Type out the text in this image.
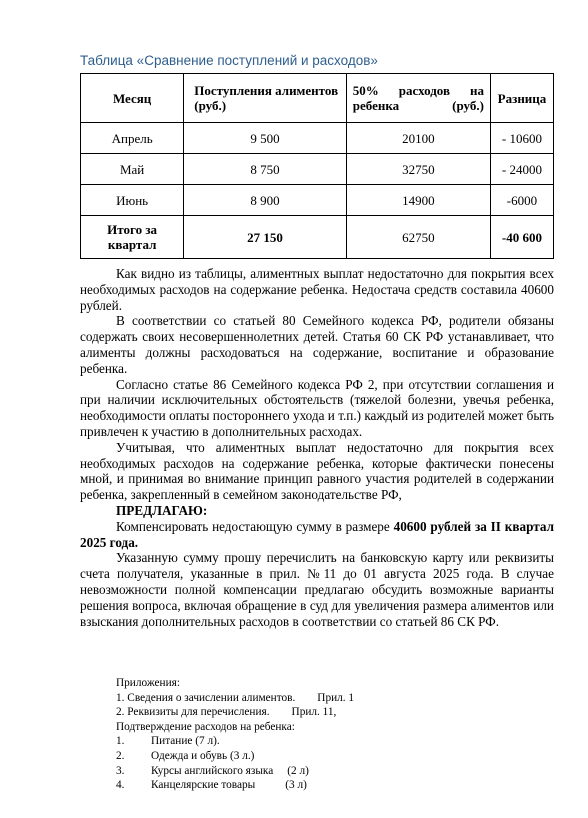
Таблица «Сравнение поступлений и расходов»
Месяц	Поступления алиментов (руб.)	50% расходов на ребенка (руб.)	Разница
Апрель	9 500	20100	- 10600
Май	8 750	32750	- 24000
Июнь	8 900	14900	-6000
Итого за квартал	27 150	62750	-40 600

Как видно из таблицы, алиментных выплат недостаточно для покрытия всех необходимых расходов на содержание ребенка. Недостача средств составила 40600 рублей.

В соответствии со статьей 80 Семейного кодекса РФ, родители обязаны содержать своих несовершеннолетних детей. Статья 60 СК РФ устанавливает, что алименты должны расходоваться на содержание, воспитание и образование ребенка.

Согласно статье 86 Семейного кодекса РФ 2, при отсутствии соглашения и при наличии исключительных обстоятельств (тяжелой болезни, увечья ребенка, необходимости оплаты постороннего ухода и т.п.) каждый из родителей может быть привлечен к участию в дополнительных расходах.

Учитывая, что алиментных выплат недостаточно для покрытия всех необходимых расходов на содержание ребенка, которые фактически понесены мной, и принимая во внимание принцип равного участия родителей в содержании ребенка, закрепленный в семейном законодательстве РФ,

ПРЕДЛАГАЮ:

Компенсировать недостающую сумму в размере 40600 рублей за II квартал 2025 года.

Указанную сумму прошу перечислить на банковскую карту или реквизиты счета получателя, указанные в прил. №11 до 01 августа 2025 года. В случае невозможности полной компенсации предлагаю обсудить возможные варианты решения вопроса, включая обращение в суд для увеличения размера алиментов или взыскания дополнительных расходов в соответствии со статьей 86 СК РФ.

Приложения:
1. Сведения о зачислении алиментов. Прил. 1
2. Реквизиты для перечисления. Прил. 11,
Подтверждение расходов на ребенка:
1. Питание (7 л).
2. Одежда и обувь (3 л.)
3. Курсы английского языка (2 л)
4. Канцелярские товары	(3 л)
